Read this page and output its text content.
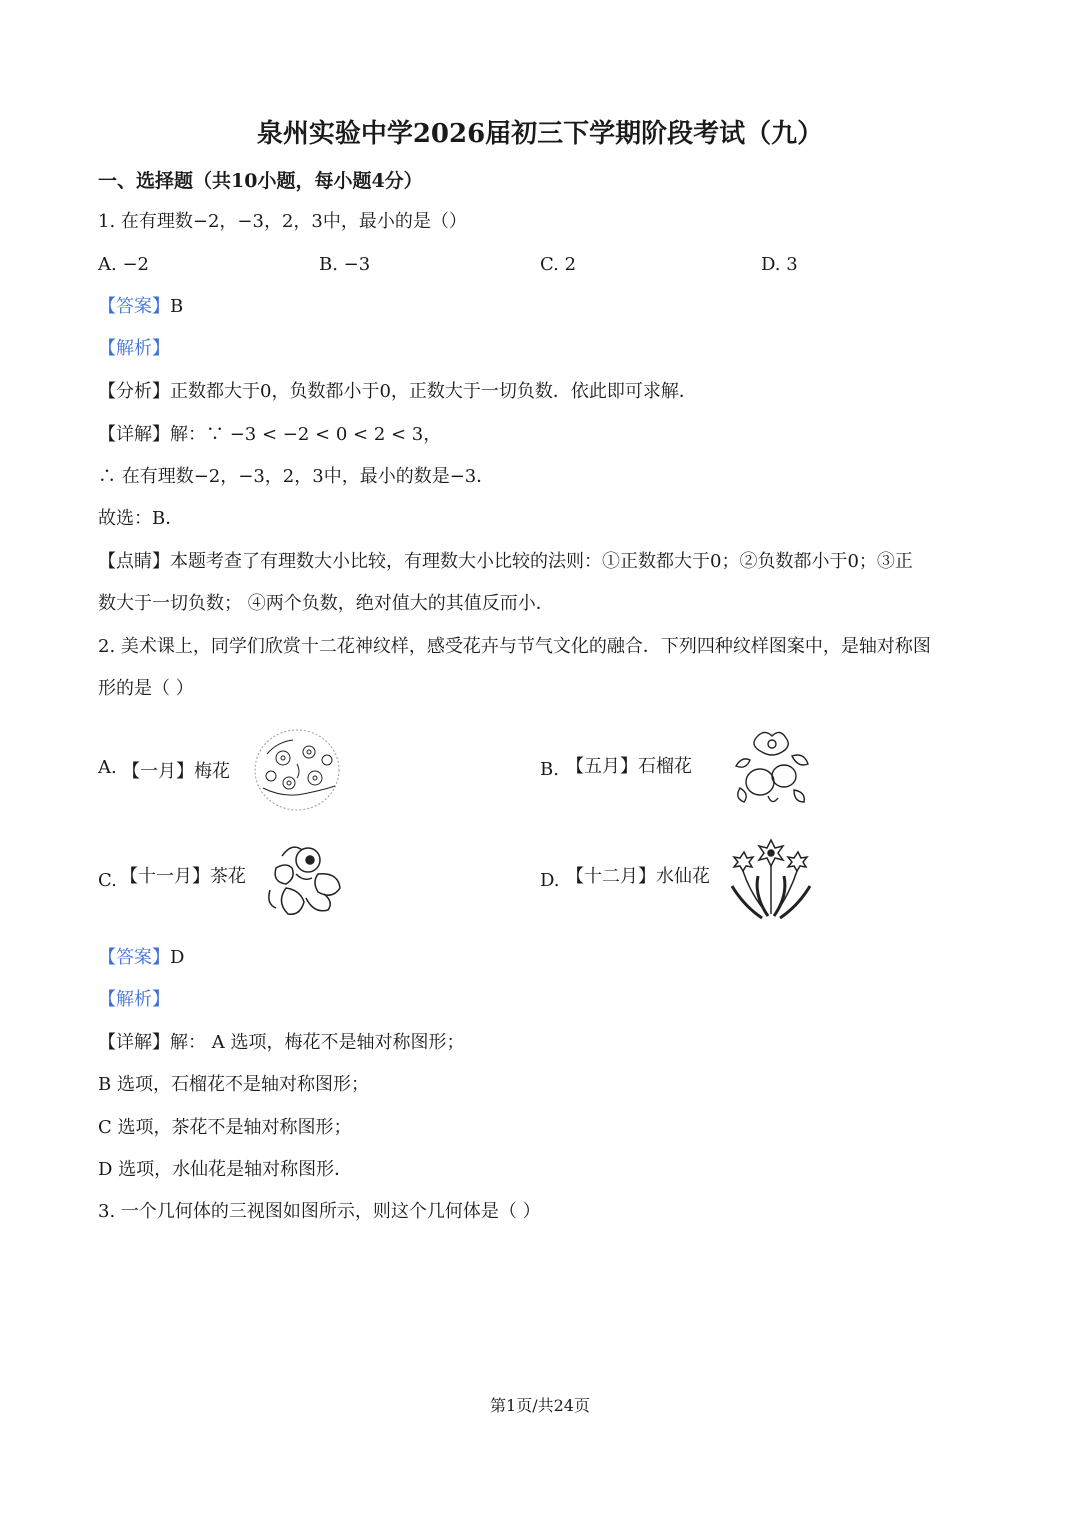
泉州实验中学2026届初三下学期阶段考试（九）
一、选择题（共10小题，每小题4分）
1. 在有理数−2，−3，2，3中，最小的是（）
A. −2	B. −3	C. 2	D. 3
【答案】B
【解析】
【分析】正数都大于0，负数都小于0，正数大于一切负数．依此即可求解．
【详解】解：∵ −3 < −2 < 0 < 2 < 3，
∴ 在有理数−2，−3，2，3中，最小的数是−3．
故选：B．
【点睛】本题考查了有理数大小比较，有理数大小比较的法则：①正数都大于0；②负数都小于0；③正
数大于一切负数； ④两个负数，绝对值大的其值反而小．
2. 美术课上，同学们欣赏十二花神纹样，感受花卉与节气文化的融合．下列四种纹样图案中，是轴对称图
形的是（ ）
A. 【一月】梅花	B. 【五月】石榴花
C. 【十一月】茶花	D. 【十二月】水仙花
【答案】D
【解析】
【详解】解： A 选项，梅花不是轴对称图形；
B 选项，石榴花不是轴对称图形；
C 选项，茶花不是轴对称图形；
D 选项，水仙花是轴对称图形．
3. 一个几何体的三视图如图所示，则这个几何体是（ ）
第1页/共24页
